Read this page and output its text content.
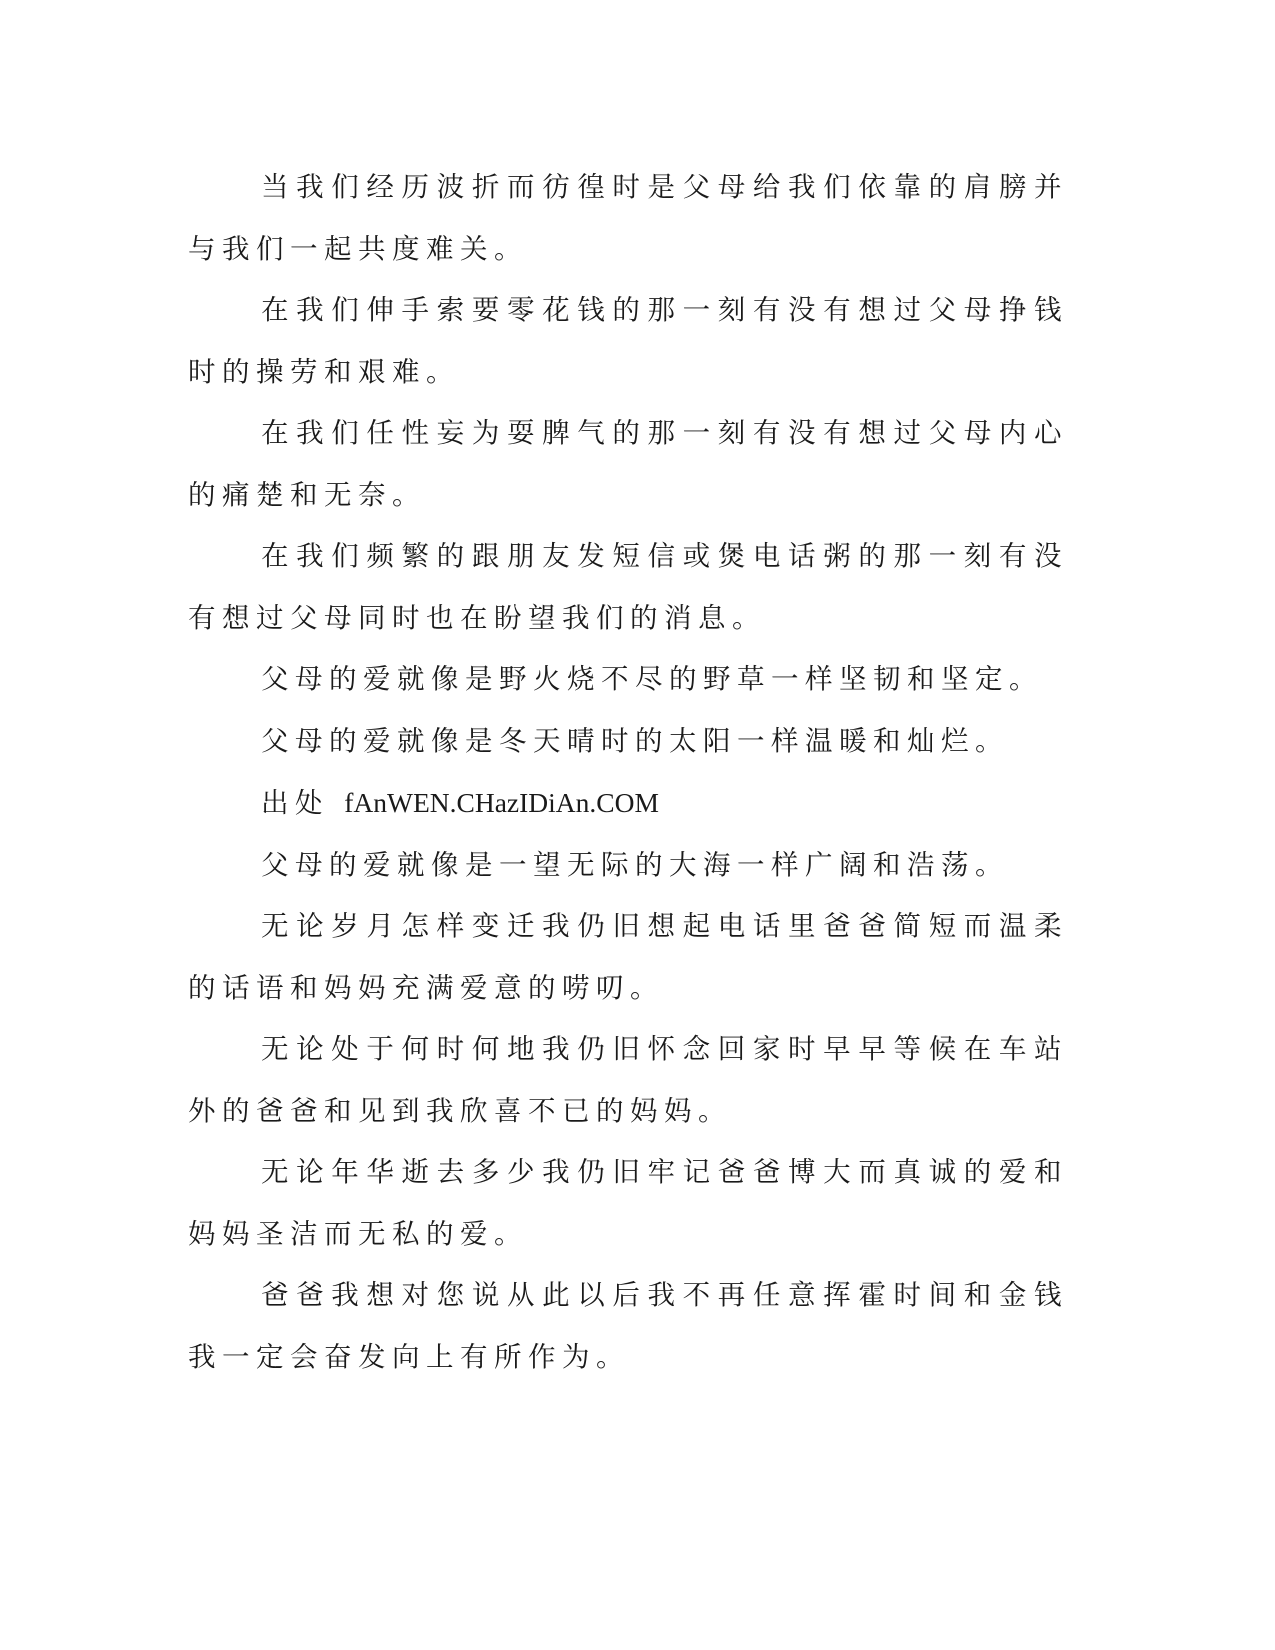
当我们经历波折而彷徨时是父母给我们依靠的肩膀并与我们一起共度难关。

在我们伸手索要零花钱的那一刻有没有想过父母挣钱时的操劳和艰难。

在我们任性妄为耍脾气的那一刻有没有想过父母内心的痛楚和无奈。

在我们频繁的跟朋友发短信或煲电话粥的那一刻有没有想过父母同时也在盼望我们的消息。

父母的爱就像是野火烧不尽的野草一样坚韧和坚定。

父母的爱就像是冬天晴时的太阳一样温暖和灿烂。

出处 fAnWEN.CHazIDiAn.COM

父母的爱就像是一望无际的大海一样广阔和浩荡。

无论岁月怎样变迁我仍旧想起电话里爸爸简短而温柔的话语和妈妈充满爱意的唠叨。

无论处于何时何地我仍旧怀念回家时早早等候在车站外的爸爸和见到我欣喜不已的妈妈。

无论年华逝去多少我仍旧牢记爸爸博大而真诚的爱和妈妈圣洁而无私的爱。

爸爸我想对您说从此以后我不再任意挥霍时间和金钱我一定会奋发向上有所作为。
